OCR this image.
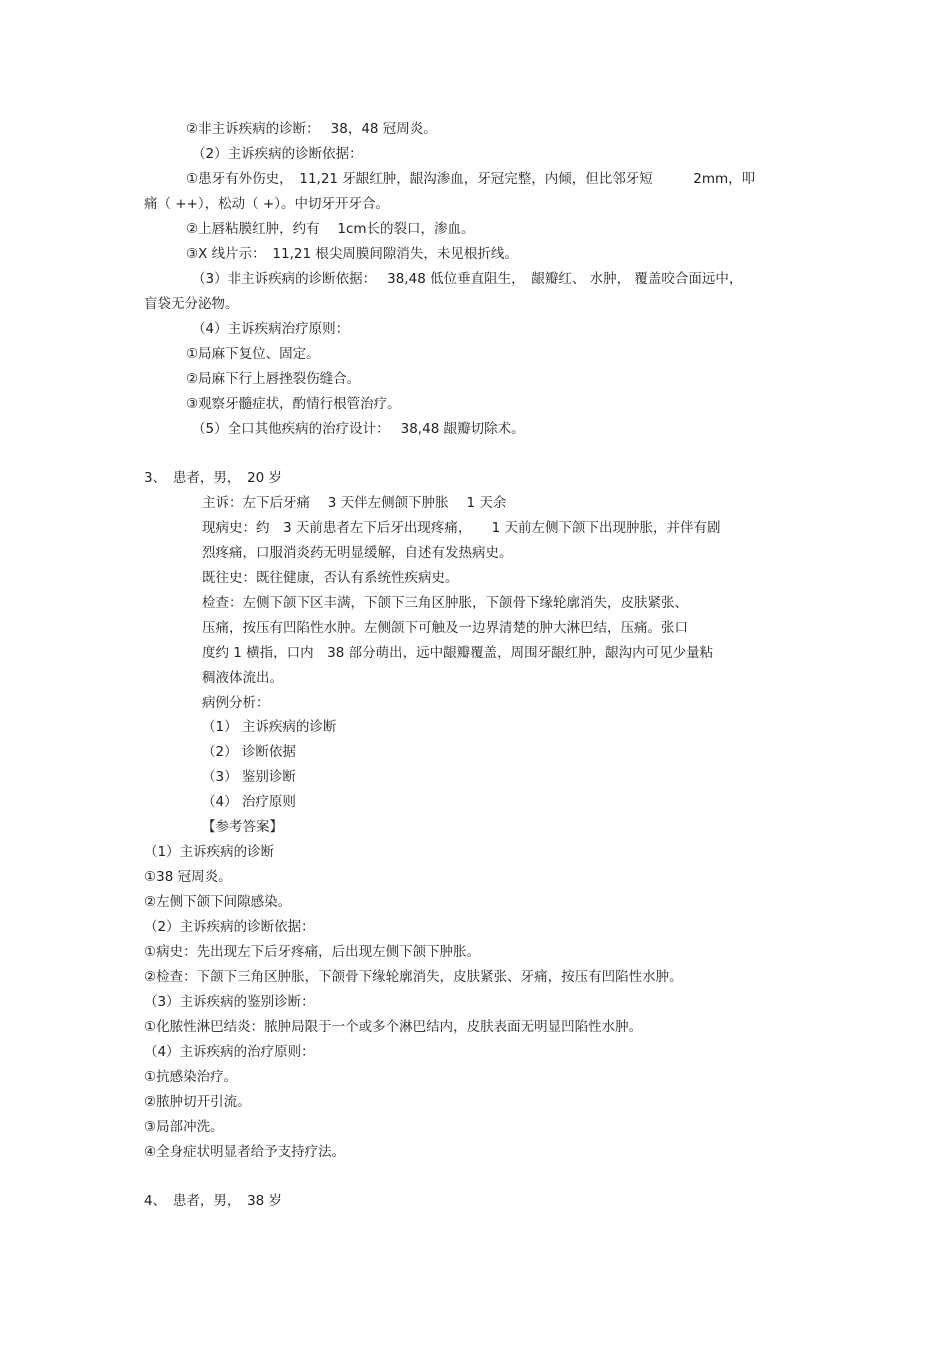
②非主诉疾病的诊断：　 38，48 冠周炎。
（2）主诉疾病的诊断依据：
①患牙有外伤史，　11,21 牙龈红肿，龈沟渗血，牙冠完整，内倾，但比邻牙短　　　2mm，叩
痛（ ++），松动（ +）。中切牙开牙合。
②上唇粘膜红肿，约有　 1cm长的裂口，渗血。
③X 线片示：　11,21 根尖周膜间隙消失，未见根折线。
（3）非主诉疾病的诊断依据：　 38,48 低位垂直阻生，　龈瓣红、 水肿， 覆盖咬合面远中，
盲袋无分泌物。
（4）主诉疾病治疗原则：
①局麻下复位、固定。
②局麻下行上唇挫裂伤缝合。
③观察牙髓症状，酌情行根管治疗。
（5）全口其他疾病的治疗设计：　 38,48 龈瓣切除术。
3、　患者，男，　20 岁
主诉：左下后牙痛　 3 天伴左侧颌下肿胀　 1 天余
现病史：约　3 天前患者左下后牙出现疼痛，　　1 天前左侧下颌下出现肿胀，并伴有剧
烈疼痛，口服消炎药无明显缓解，自述有发热病史。
既往史：既往健康，否认有系统性疾病史。
检查：左侧下颌下区丰满，下颌下三角区肿胀，下颌骨下缘轮廓消失，皮肤紧张、
压痛，按压有凹陷性水肿。左侧颌下可触及一边界清楚的肿大淋巴结，压痛。张口
度约 1 横指，口内　38 部分萌出，远中龈瓣覆盖，周围牙龈红肿，龈沟内可见少量粘
稠液体流出。
病例分析：
（1） 主诉疾病的诊断
（2） 诊断依据
（3） 鉴别诊断
（4） 治疗原则
【参考答案】
（1）主诉疾病的诊断
①38 冠周炎。
②左侧下颌下间隙感染。
（2）主诉疾病的诊断依据：
①病史：先出现左下后牙疼痛，后出现左侧下颌下肿胀。
②检查：下颌下三角区肿胀，下颌骨下缘轮廓消失，皮肤紧张、牙痛，按压有凹陷性水肿。
（3）主诉疾病的鉴别诊断：
①化脓性淋巴结炎：脓肿局限于一个或多个淋巴结内，皮肤表面无明显凹陷性水肿。
（4）主诉疾病的治疗原则：
①抗感染治疗。
②脓肿切开引流。
③局部冲洗。
④全身症状明显者给予支持疗法。
4、　患者，男，　38 岁
